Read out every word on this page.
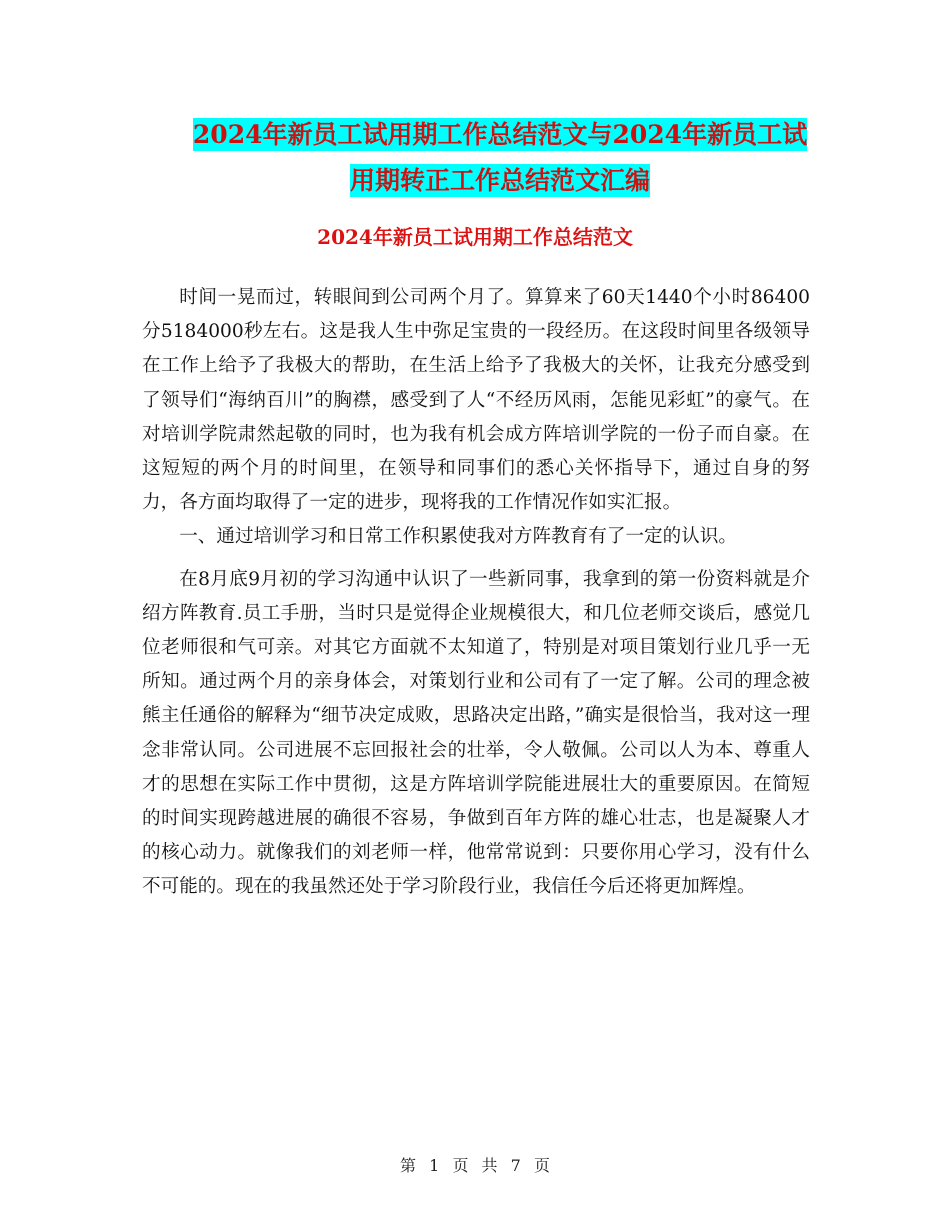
2024年新员工试用期工作总结范文与2024年新员工试
用期转正工作总结范文汇编
2024年新员工试用期工作总结范文

时间一晃而过，转眼间到公司两个月了。算算来了60天1440个小时86400分5184000秒左右。这是我人生中弥足宝贵的一段经历。在这段时间里各级领导在工作上给予了我极大的帮助，在生活上给予了我极大的关怀，让我充分感受到了领导们“海纳百川”的胸襟，感受到了人“不经历风雨，怎能见彩虹”的豪气。在对培训学院肃然起敬的同时，也为我有机会成方阵培训学院的一份子而自豪。在这短短的两个月的时间里，在领导和同事们的悉心关怀指导下，通过自身的努力，各方面均取得了一定的进步，现将我的工作情况作如实汇报。

一、通过培训学习和日常工作积累使我对方阵教育有了一定的认识。

在8月底9月初的学习沟通中认识了一些新同事，我拿到的第一份资料就是介绍方阵教育.员工手册，当时只是觉得企业规模很大，和几位老师交谈后，感觉几位老师很和气可亲。对其它方面就不太知道了，特别是对项目策划行业几乎一无所知。通过两个月的亲身体会，对策划行业和公司有了一定了解。公司的理念被熊主任通俗的解释为“细节决定成败，思路决定出路，”确实是很恰当，我对这一理念非常认同。公司进展不忘回报社会的壮举，令人敬佩。公司以人为本、尊重人才的思想在实际工作中贯彻，这是方阵培训学院能进展壮大的重要原因。在简短的时间实现跨越进展的确很不容易，争做到百年方阵的雄心壮志，也是凝聚人才的核心动力。就像我们的刘老师一样，他常常说到：只要你用心学习，没有什么不可能的。现在的我虽然还处于学习阶段行业，我信任今后还将更加辉煌。

第 1 页 共 7 页
